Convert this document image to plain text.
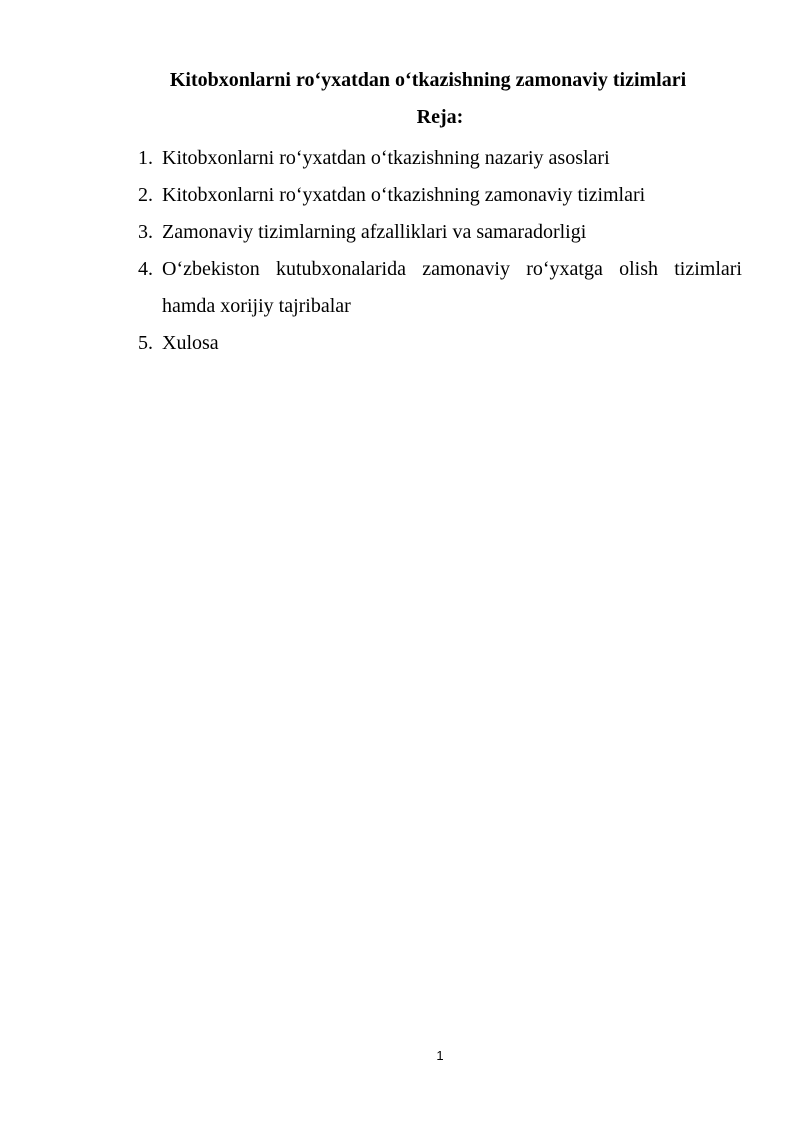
Kitobxonlarni ro‘yxatdan o‘tkazishning zamonaviy tizimlari
Reja:
1. Kitobxonlarni ro‘yxatdan o‘tkazishning nazariy asoslari
2. Kitobxonlarni ro‘yxatdan o‘tkazishning zamonaviy tizimlari
3. Zamonaviy tizimlarning afzalliklari va samaradorligi
4. O‘zbekiston kutubxonalarida zamonaviy ro‘yxatga olish tizimlari hamda xorijiy tajribalar
5. Xulosa
1
